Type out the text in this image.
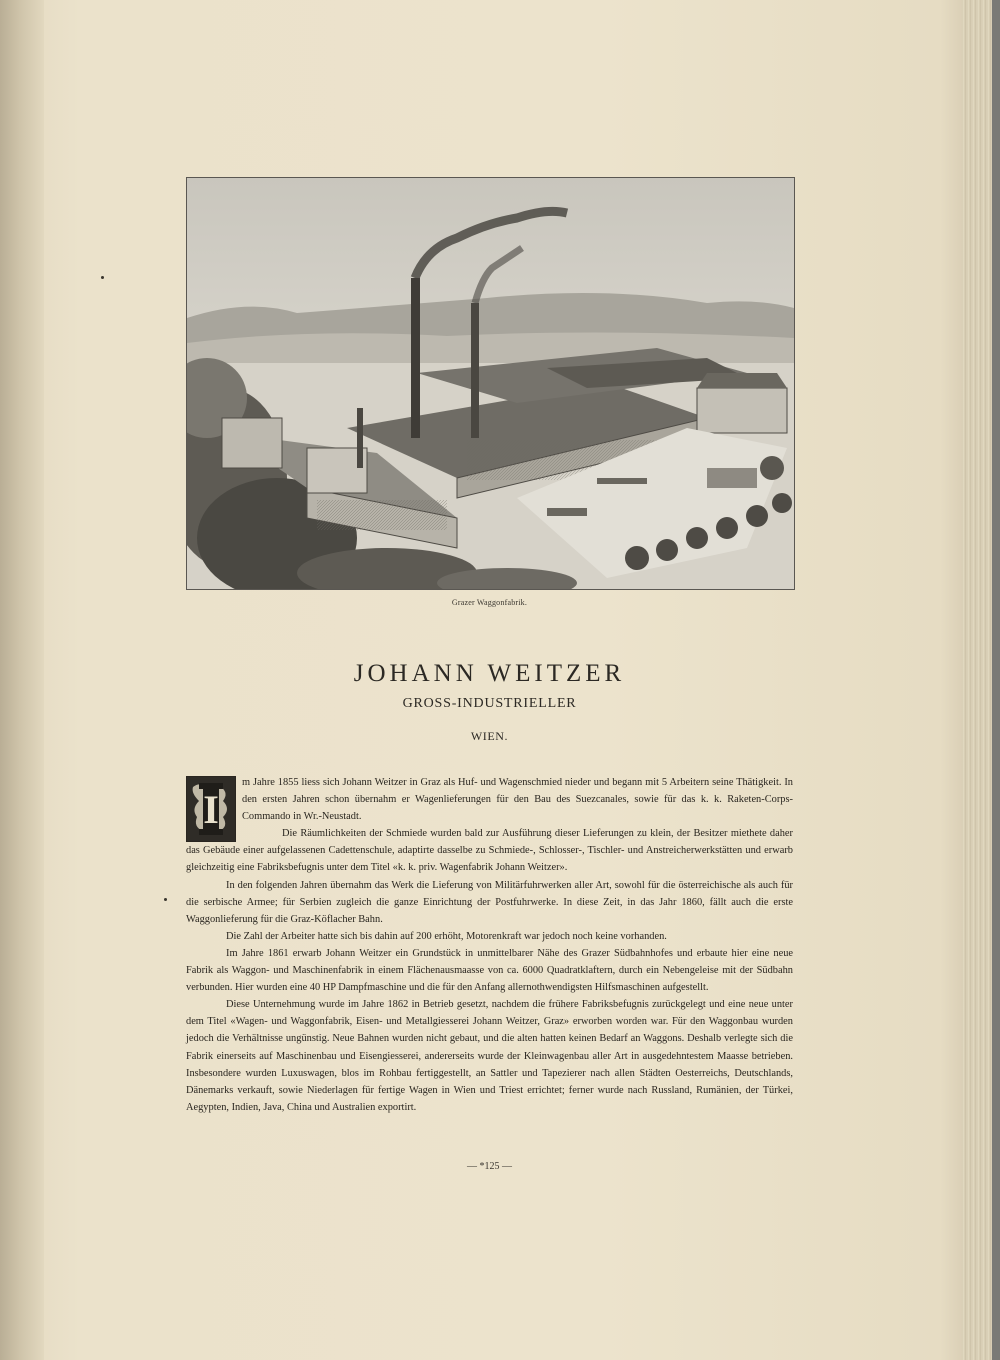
Grazer Waggonfabrik.
JOHANN WEITZER
GROSS-INDUSTRIELLER
WIEN.
I

m Jahre 1855 liess sich Johann Weitzer in Graz als Huf- und Wagenschmied nieder und begann mit 5 Arbeitern seine Thätigkeit. In den ersten Jahren schon übernahm er Wagenlieferungen für den Bau des Suezcanales, sowie für das k. k. Raketen-Corps-Commando in Wr.-Neustadt.

Die Räumlichkeiten der Schmiede wurden bald zur Ausführung dieser Lieferungen zu klein, der Besitzer miethete daher das Gebäude einer aufgelassenen Cadettenschule, adaptirte dasselbe zu Schmiede-, Schlosser-, Tischler- und Anstreicherwerkstätten und erwarb gleichzeitig eine Fabriksbefugnis unter dem Titel «k. k. priv. Wagenfabrik Johann Weitzer».

In den folgenden Jahren übernahm das Werk die Lieferung von Militärfuhrwerken aller Art, sowohl für die österreichische als auch für die serbische Armee; für Serbien zugleich die ganze Einrichtung der Postfuhrwerke. In diese Zeit, in das Jahr 1860, fällt auch die erste Waggonlieferung für die Graz-Köflacher Bahn.

Die Zahl der Arbeiter hatte sich bis dahin auf 200 erhöht, Motorenkraft war jedoch noch keine vorhanden.

Im Jahre 1861 erwarb Johann Weitzer ein Grundstück in unmittelbarer Nähe des Grazer Südbahnhofes und erbaute hier eine neue Fabrik als Waggon- und Maschinenfabrik in einem Flächenausmaasse von ca. 6000 Quadratklaftern, durch ein Nebengeleise mit der Südbahn verbunden. Hier wurden eine 40 HP Dampfmaschine und die für den Anfang allernothwendigsten Hilfsmaschinen aufgestellt.

Diese Unternehmung wurde im Jahre 1862 in Betrieb gesetzt, nachdem die frühere Fabriksbefugnis zurückgelegt und eine neue unter dem Titel «Wagen- und Waggonfabrik, Eisen- und Metallgiesserei Johann Weitzer, Graz» erworben worden war. Für den Waggonbau wurden jedoch die Verhältnisse ungünstig. Neue Bahnen wurden nicht gebaut, und die alten hatten keinen Bedarf an Waggons. Deshalb verlegte sich die Fabrik einerseits auf Maschinenbau und Eisengiesserei, andererseits wurde der Kleinwagenbau aller Art in ausgedehntestem Maasse betrieben. Insbesondere wurden Luxuswagen, blos im Rohbau fertiggestellt, an Sattler und Tapezierer nach allen Städten Oesterreichs, Deutschlands, Dänemarks verkauft, sowie Niederlagen für fertige Wagen in Wien und Triest errichtet; ferner wurde nach Russland, Rumänien, der Türkei, Aegypten, Indien, Java, China und Australien exportirt.

— *125 —
